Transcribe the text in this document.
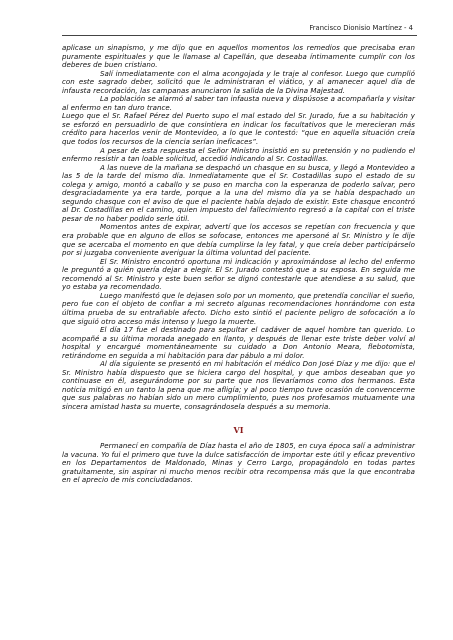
Francisco Dionisio Martínez - 4

aplicase un sinapismo, y me dijo que en aquellos momentos los remedios que precisaba eran puramente espirituales y que le llamase al Capellán, que deseaba íntimamente cumplir con los deberes de buen cristiano.

Salí inmediatamente con el alma acongojada y le traje al confesor. Luego que cumplió con este sagrado deber, solicitó que le administraran el viático, y al amanecer aquel día de infausta recordación, las campanas anunciaron la salida de la Divina Majestad.

La población se alarmó al saber tan infausta nueva y dispúsose a acompañarla y visitar al enfermo en tan duro trance.

Luego que el Sr. Rafael Pérez del Puerto supo el mal estado del Sr. Jurado, fue a su habitación y se esforzó en persuadirlo de que consintiera en indicar los facultativos que le merecieran más crédito para hacerlos venir de Montevideo, a lo que le contestó: “que en aquella situación creía que todos los recursos de la ciencia serían ineficaces”.

A pesar de esta respuesta el Señor Ministro insistió en su pretensión y no pudiendo el enfermo resistir a tan loable solicitud, accedió indicando al Sr. Costadillas.

A las nueve de la mañana se despachó un chasque en su busca, y llegó a Montevideo a las 5 de la tarde del mismo día. Inmediatamente que el Sr. Costadillas supo el estado de su colega y amigo, montó a caballo y se puso en marcha con la esperanza de poderlo salvar, pero desgraciadamente ya era tarde, porque a la una del mismo día ya se había despachado un segundo chasque con el aviso de que el paciente había dejado de existir. Este chasque encontró al Dr. Costadillas en el camino, quien impuesto del fallecimiento regresó a la capital con el triste pesar de no haber podido serle útil.

Momentos antes de expirar, advertí que los accesos se repetían con frecuencia y que era probable que en alguno de ellos se sofocase, entonces me apersoné al Sr. Ministro y le dije que se acercaba el momento en que debía cumplirse la ley fatal, y que creía deber participárselo por si juzgaba conveniente averiguar la última voluntad del paciente.

El Sr. Ministro encontró oportuna mi indicación y aproximándose al lecho del enfermo le preguntó a quién quería dejar a elegir. El Sr. Jurado contestó que a su esposa. En seguida me recomendó al Sr. Ministro y este buen señor se dignó contestarle que atendiese a su salud, que yo estaba ya recomendado.

Luego manifestó que le dejasen solo por un momento, que pretendía conciliar el sueño, pero fue con el objeto de confiar a mi secreto algunas recomendaciones honrándome con esta última prueba de su entrañable afecto. Dicho esto sintió el paciente peligro de sofocación a lo que siguió otro acceso más intenso y luego la muerte.

El día 17 fue el destinado para sepultar el cadáver de aquel hombre tan querido. Lo acompañé a su última morada anegado en llanto, y después de llenar este triste deber volví al hospital y encargué momentáneamente su cuidado a Don Antonio Meara, flebotomista, retirándome en seguida a mi habitación para dar pábulo a mi dolor.

Al día siguiente se presentó en mi habitación el médico Don José Díaz y me dijo: que el Sr. Ministro había dispuesto que se hiciera cargo del hospital, y que ambos deseaban que yo continuase en él, asegurándome por su parte que nos llevaríamos como dos hermanos. Esta noticia mitigó en un tanto la pena que me afligía; y al poco tiempo tuve ocasión de convencerme que sus palabras no habían sido un mero cumplimiento, pues nos profesamos mutuamente una sincera amistad hasta su muerte, consagrándosela después a su memoria.

VI

Permanecí en compañía de Díaz hasta el año de 1805, en cuya época salí a administrar la vacuna. Yo fui el primero que tuve la dulce satisfacción de importar este útil y eficaz preventivo en los Departamentos de Maldonado, Minas y Cerro Largo, propagándolo en todas partes gratuitamente, sin aspirar ni mucho menos recibir otra recompensa más que la que encontraba en el aprecio de mis conciudadanos.
